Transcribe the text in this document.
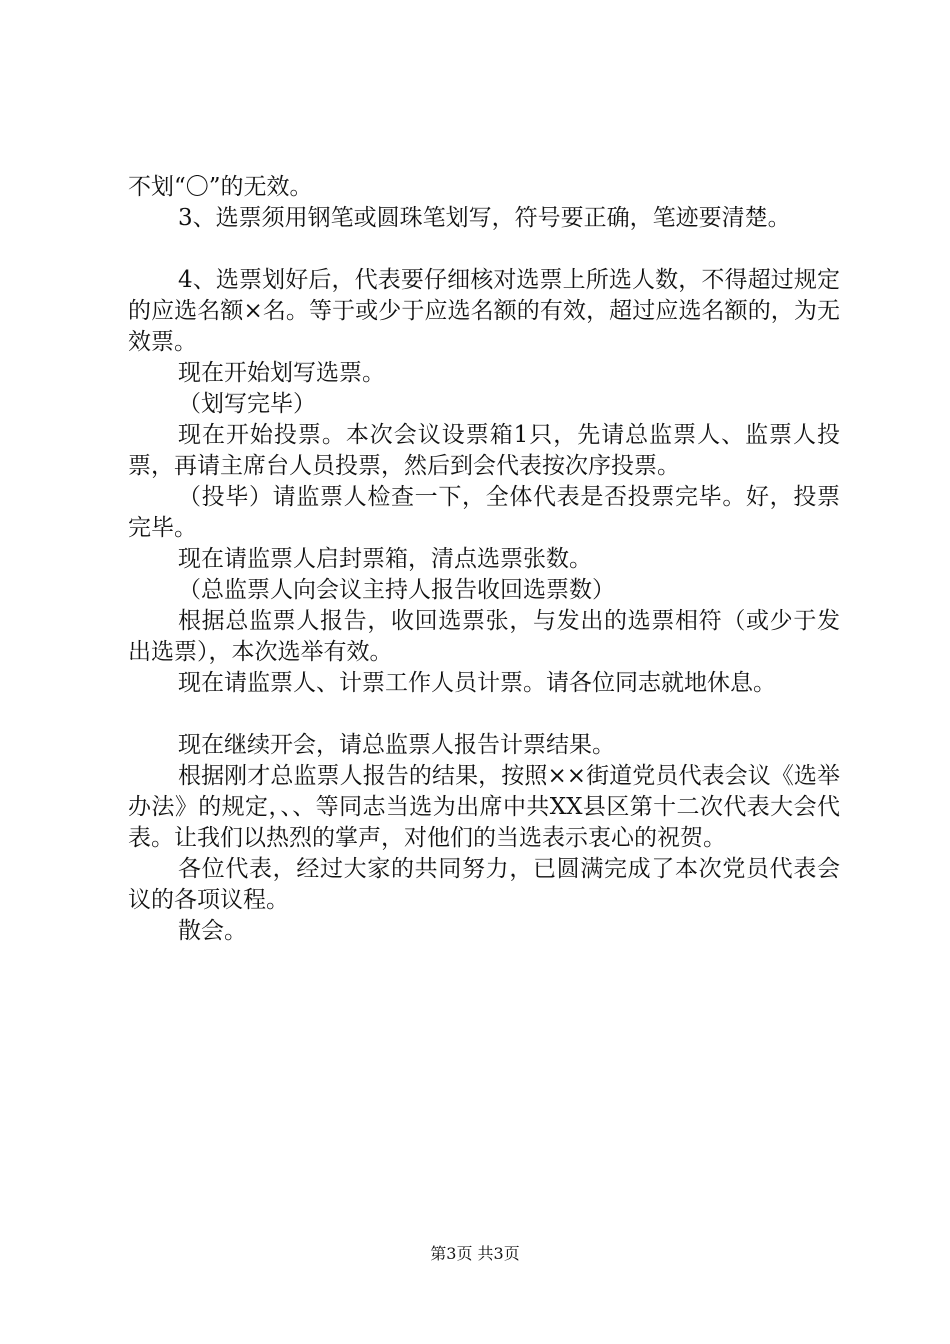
不划“〇”的无效。

3、选票须用钢笔或圆珠笔划写，符号要正确，笔迹要清楚。

4、选票划好后，代表要仔细核对选票上所选人数，不得超过规定的应选名额×名。等于或少于应选名额的有效，超过应选名额的，为无效票。

现在开始划写选票。

（划写完毕）

现在开始投票。本次会议设票箱1只，先请总监票人、监票人投票，再请主席台人员投票，然后到会代表按次序投票。

（投毕）请监票人检查一下，全体代表是否投票完毕。好，投票完毕。

现在请监票人启封票箱，清点选票张数。

（总监票人向会议主持人报告收回选票数）

根据总监票人报告，收回选票张，与发出的选票相符（或少于发出选票），本次选举有效。

现在请监票人、计票工作人员计票。请各位同志就地休息。

现在继续开会，请总监票人报告计票结果。

根据刚才总监票人报告的结果，按照××街道党员代表会议《选举办法》的规定，、、等同志当选为出席中共XX县区第十二次代表大会代表。让我们以热烈的掌声，对他们的当选表示衷心的祝贺。

各位代表，经过大家的共同努力，已圆满完成了本次党员代表会议的各项议程。

散会。

第3页 共3页
